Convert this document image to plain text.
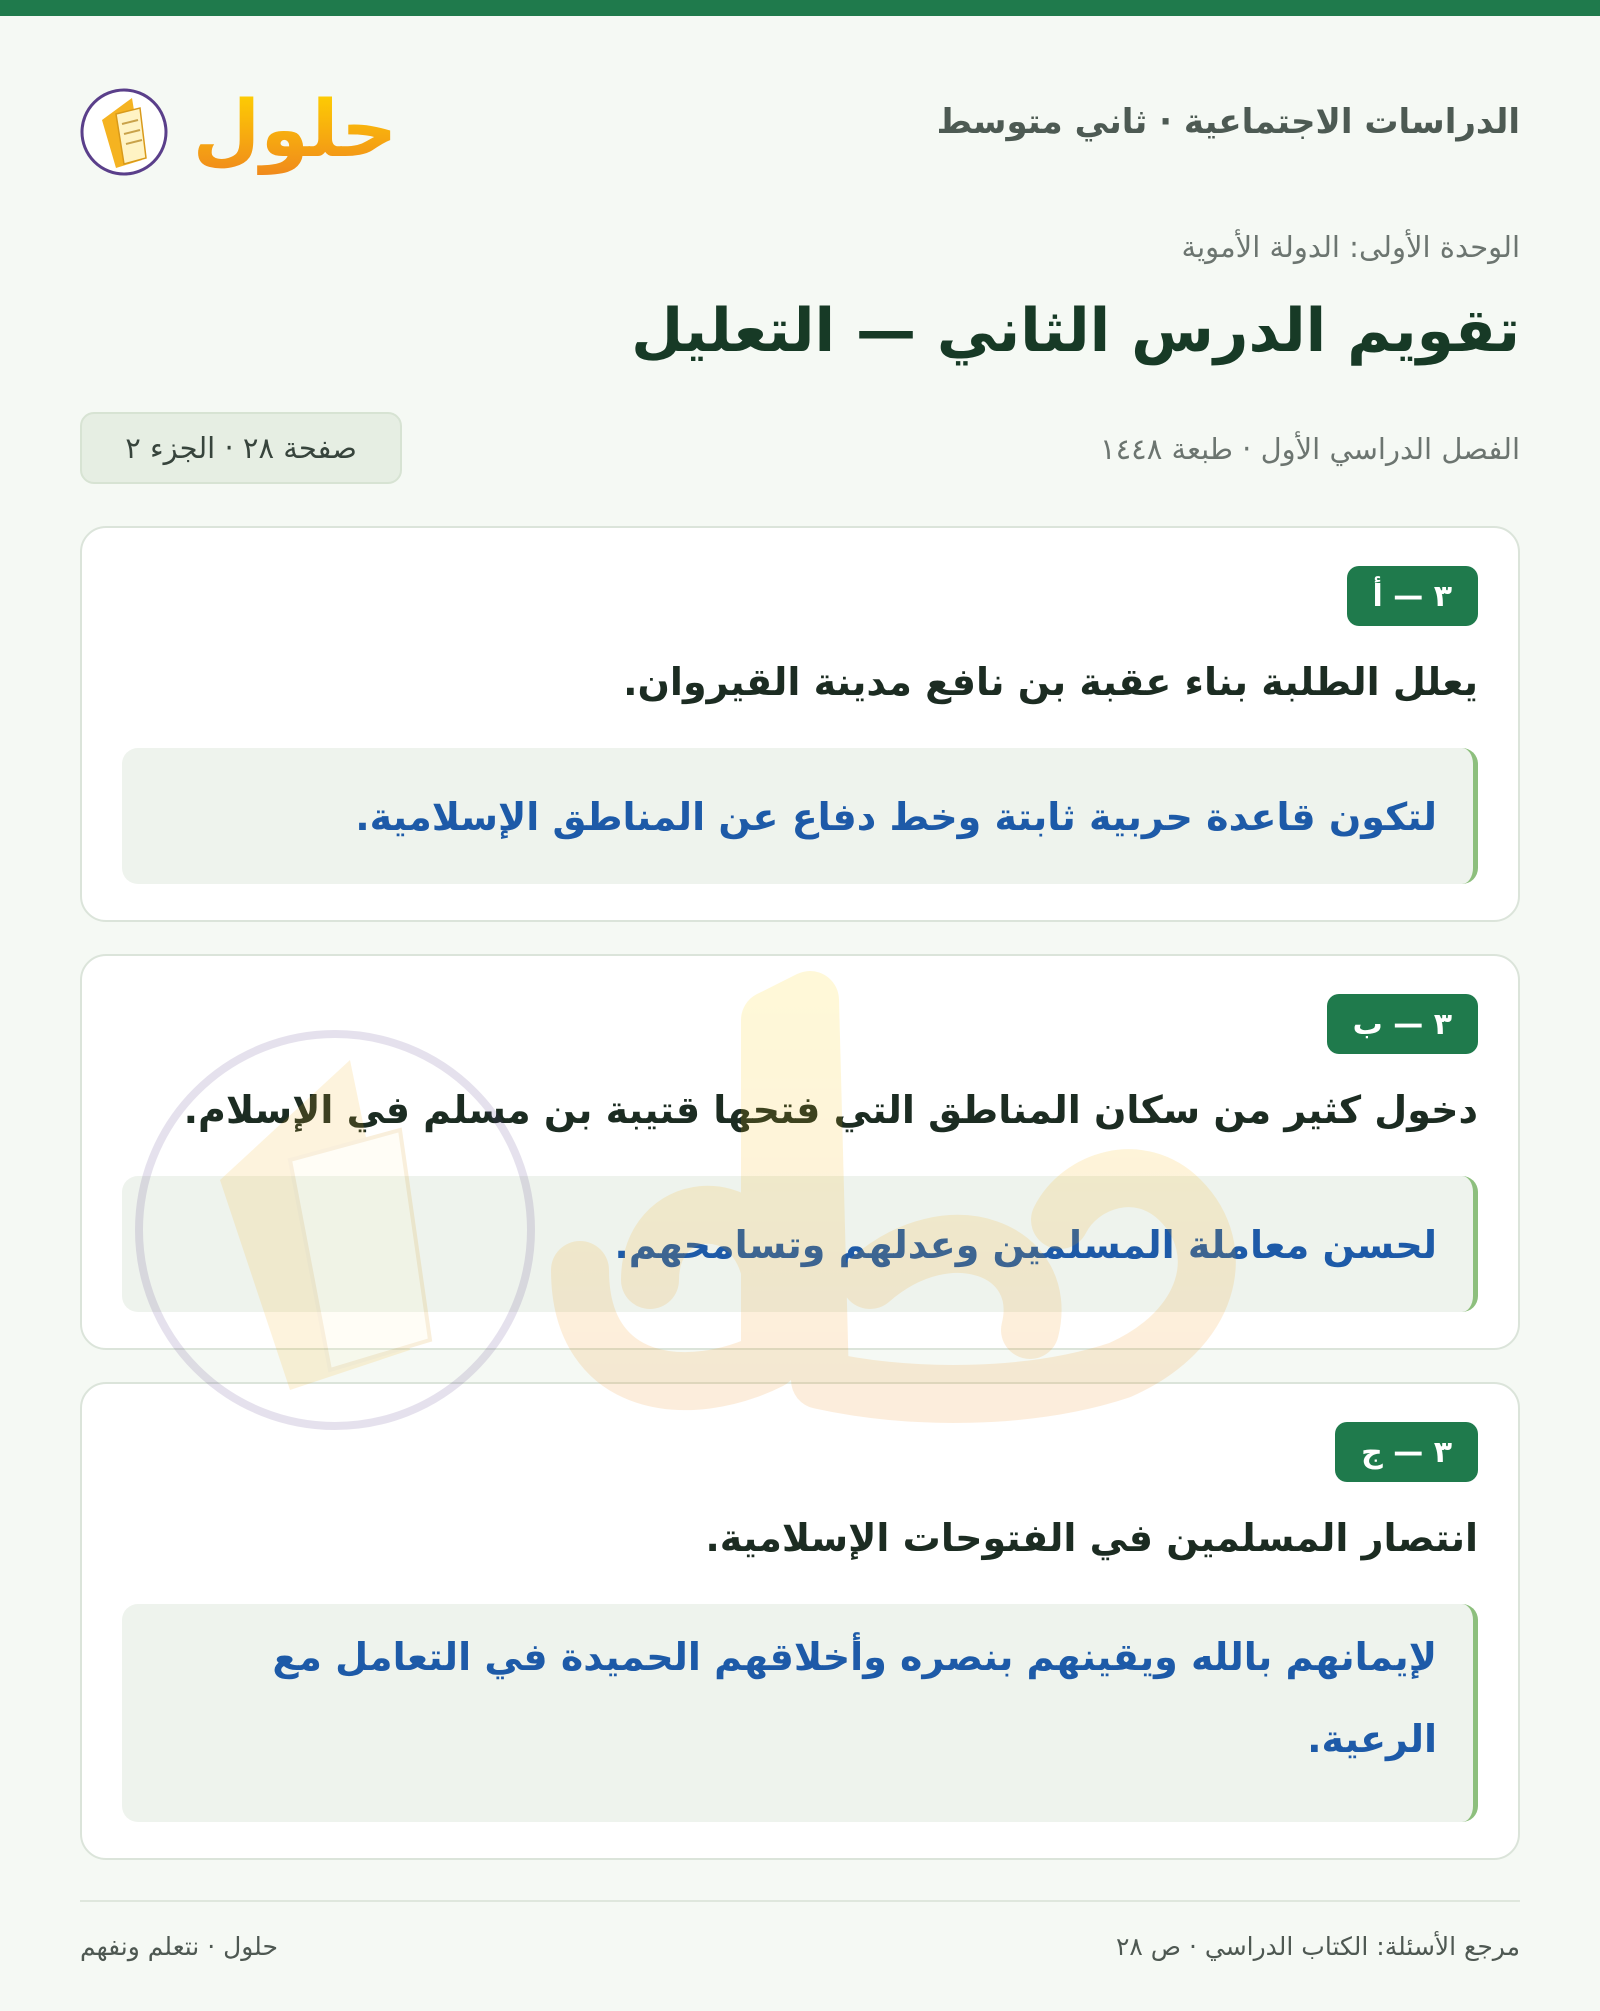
الدراسات الاجتماعية · ثاني متوسط
حلول
الوحدة الأولى: الدولة الأموية
تقويم الدرس الثاني — التعليل
الفصل الدراسي الأول · طبعة ١٤٤٨
صفحة ٢٨ · الجزء ٢
٣ — أ
يعلل الطلبة بناء عقبة بن نافع مدينة القيروان.
لتكون قاعدة حربية ثابتة وخط دفاع عن المناطق الإسلامية.
٣ — ب
دخول كثير من سكان المناطق التي فتحها قتيبة بن مسلم في الإسلام.
لحسن معاملة المسلمين وعدلهم وتسامحهم.
٣ — ج
انتصار المسلمين في الفتوحات الإسلامية.
لإيمانهم بالله ويقينهم بنصره وأخلاقهم الحميدة في التعامل مع الرعية.
مرجع الأسئلة: الكتاب الدراسي · ص ٢٨
حلول · نتعلم ونفهم
